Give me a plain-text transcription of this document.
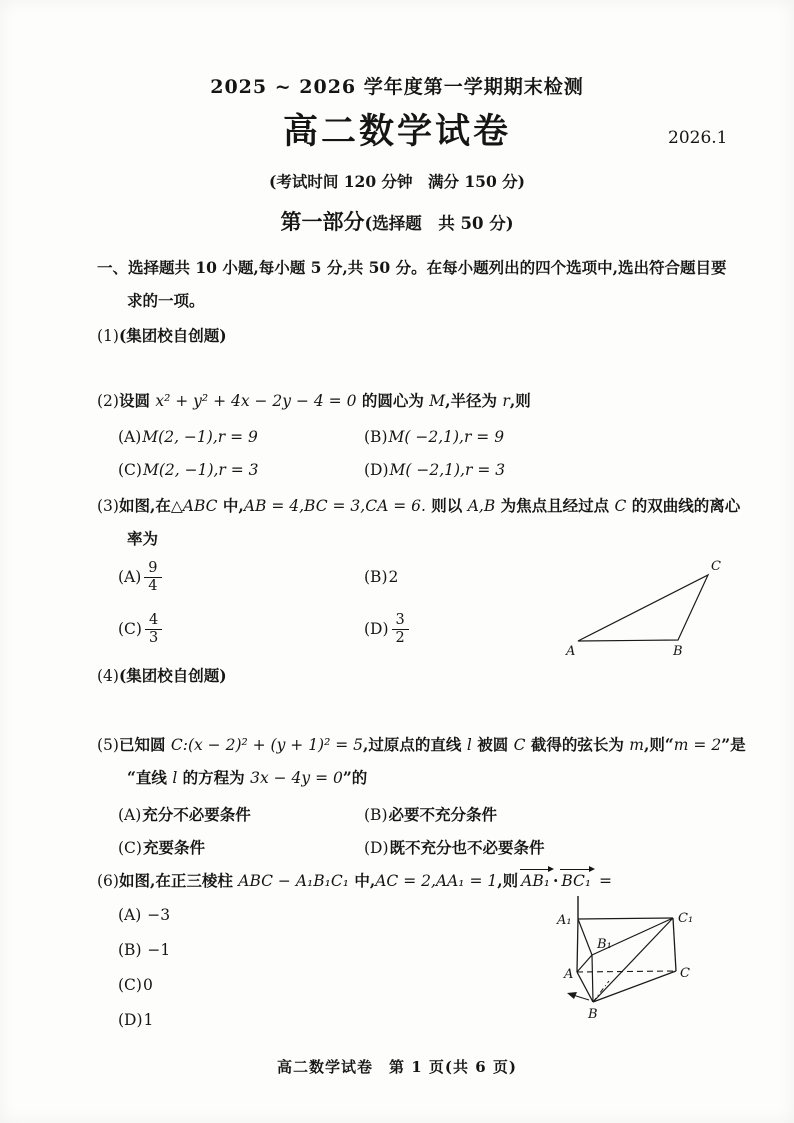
2025 ~ 2026 学年度第一学期期末检测
高二数学试卷	2026.1
(考试时间 120 分钟　满分 150 分)
第一部分(选择题　共 50 分)
一、选择题共 10 小题,每小题 5 分,共 50 分。在每小题列出的四个选项中,选出符合题目要
求的一项。
(1)(集团校自创题)
(2)设圆 x² + y² + 4x − 2y − 4 = 0 的圆心为 M,半径为 r,则
(A)M(2, −1),r = 9	(B)M( −2,1),r = 9
(C)M(2, −1),r = 3	(D)M( −2,1),r = 3
(3)如图,在△ABC 中,AB = 4,BC = 3,CA = 6. 则以 A,B 为焦点且经过点 C 的双曲线的离心
率为
$(A) \frac{9}{4}$	(B)2
$(C) \frac{4}{3}$	$(D) \frac{3}{2}$
A	B
C
(4)(集团校自创题)
(5)已知圆 C:(x − 2)² + (y + 1)² = 5,过原点的直线 l 被圆 C 截得的弦长为 m,则“m = 2”是
“直线 l 的方程为 3x − 4y = 0”的
(A)充分不必要条件	(B)必要不充分条件
(C)充要条件	(D)既不充分也不必要条件
(6)如图,在正三棱柱 ABC − A₁B₁C₁ 中,AC = 2,AA₁ = 1,则 AB₁ · BC₁ =
(A) −3
(B) −1
(C)0
(D)1
A₁	C₁
B₁
A	C
B
高二数学试卷　第 1 页(共 6 页)
